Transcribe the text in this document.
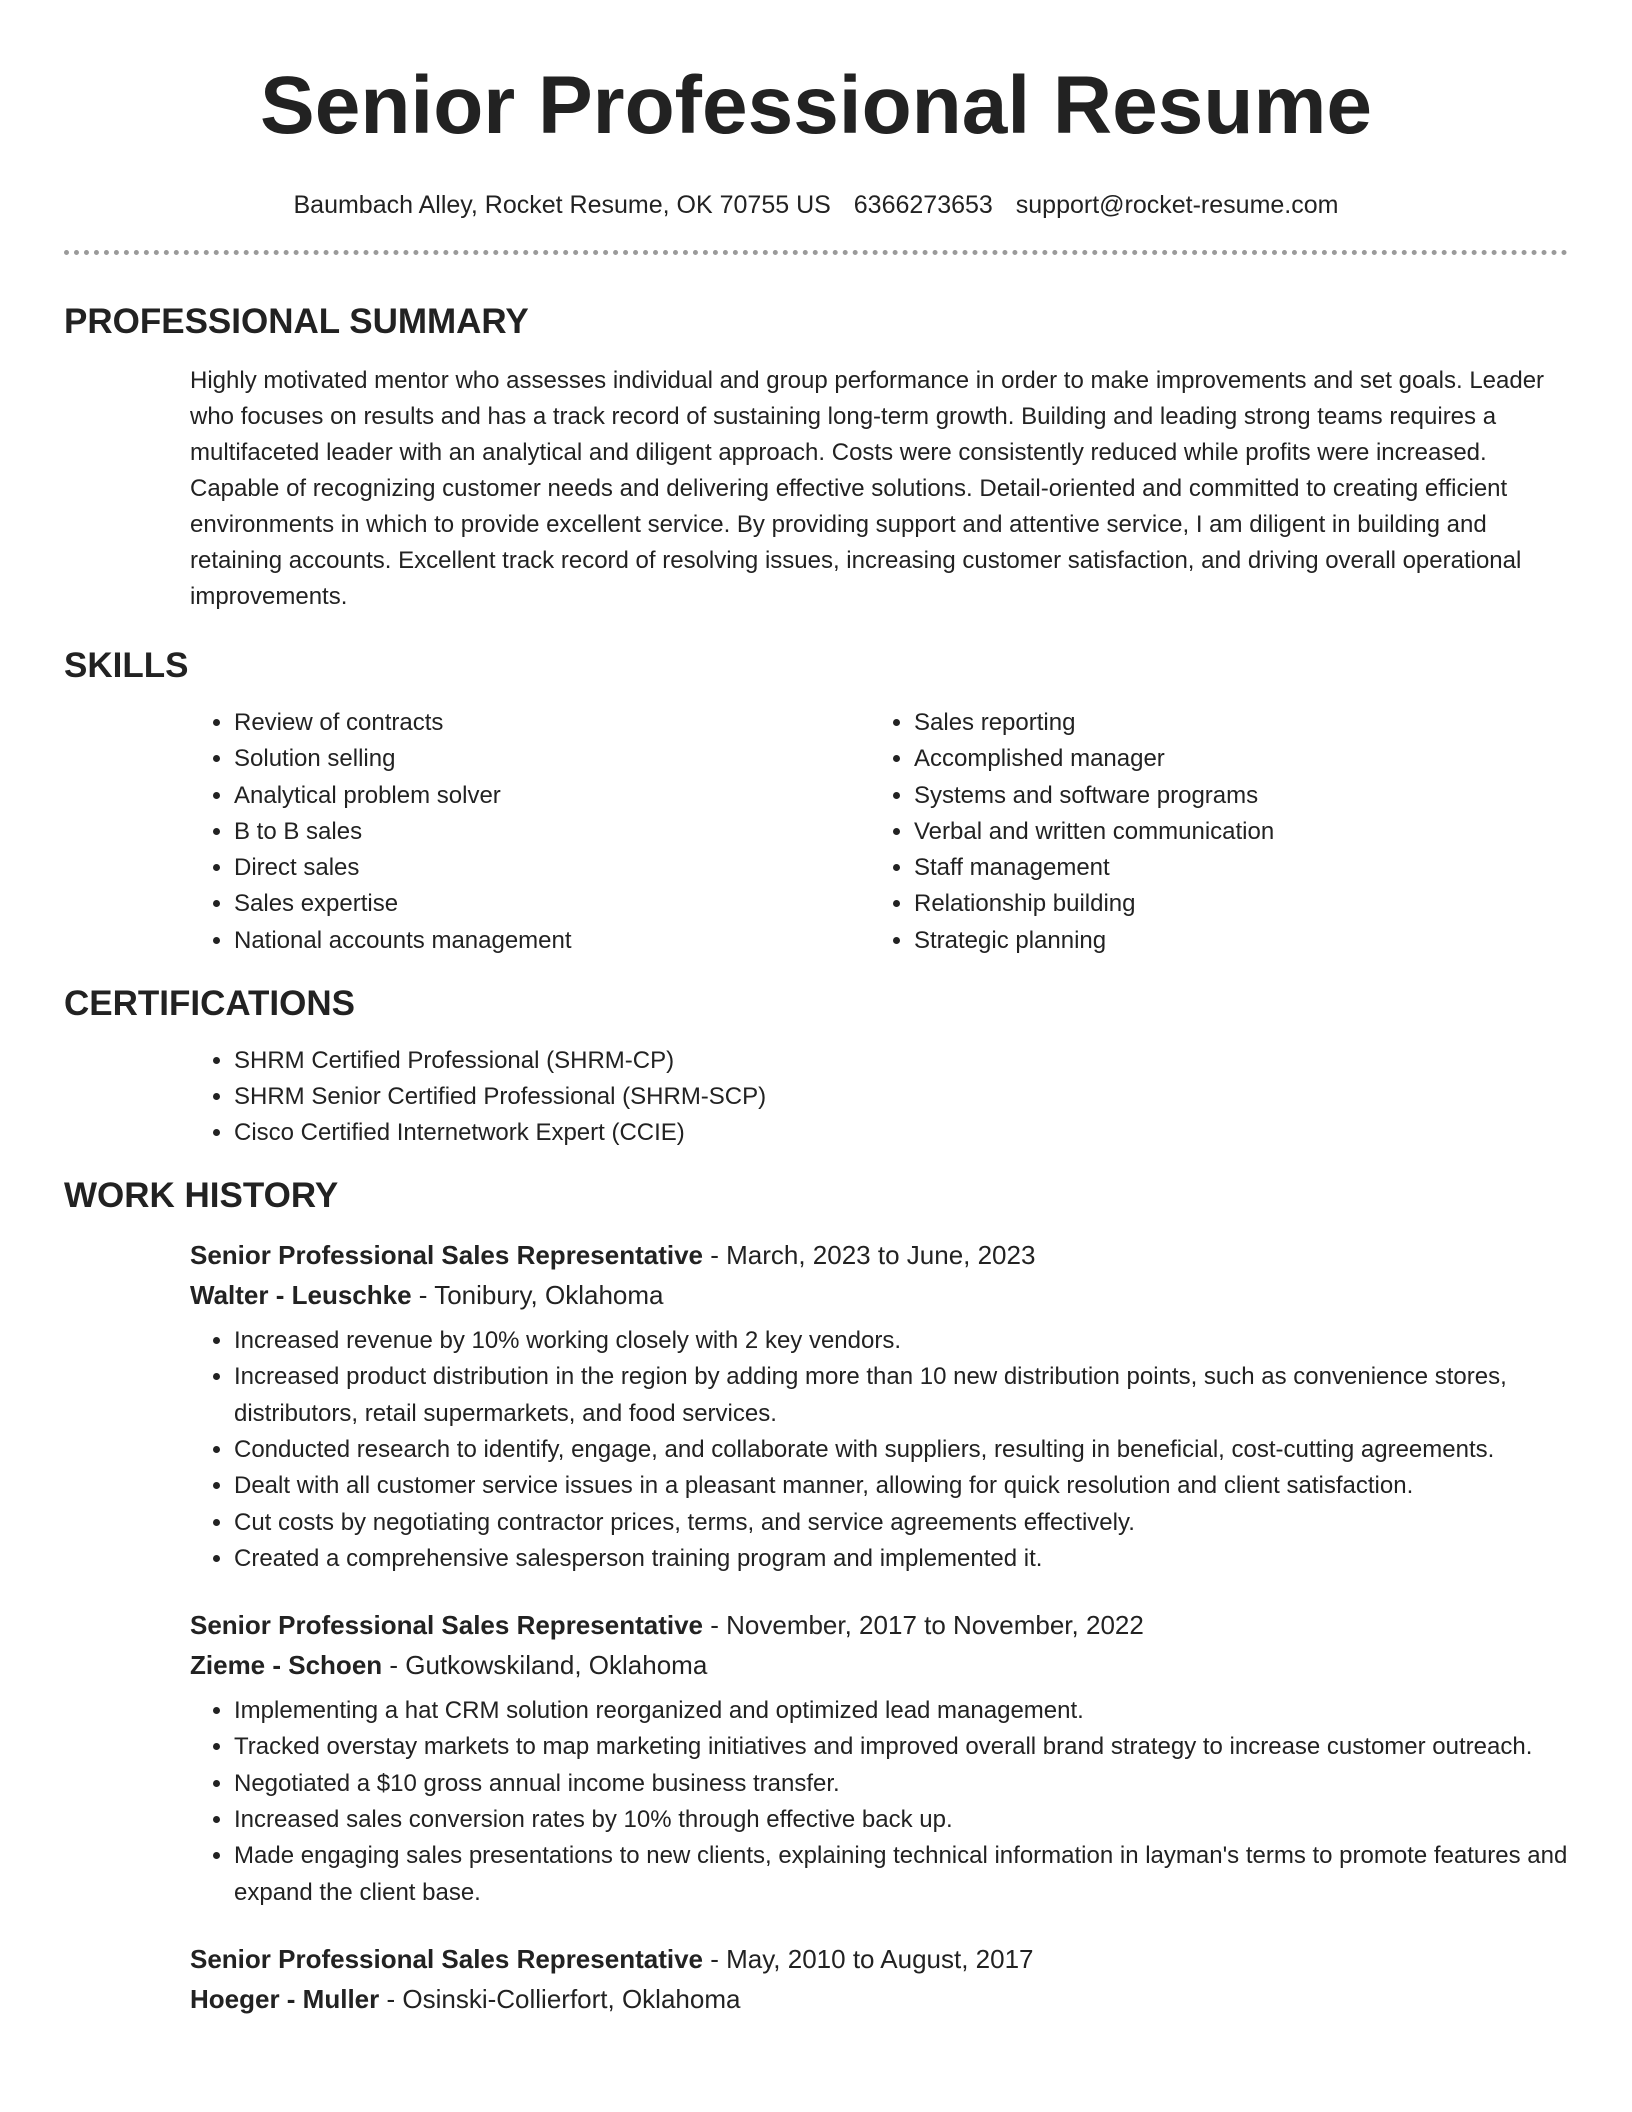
Senior Professional Resume
Baumbach Alley, Rocket Resume, OK 70755 US 6366273653 support@rocket-resume.com
PROFESSIONAL SUMMARY
Highly motivated mentor who assesses individual and group performance in order to make improvements and set goals. Leader who focuses on results and has a track record of sustaining long-term growth. Building and leading strong teams requires a multifaceted leader with an analytical and diligent approach. Costs were consistently reduced while profits were increased. Capable of recognizing customer needs and delivering effective solutions. Detail-oriented and committed to creating efficient environments in which to provide excellent service. By providing support and attentive service, I am diligent in building and retaining accounts. Excellent track record of resolving issues, increasing customer satisfaction, and driving overall operational improvements.
SKILLS
• Review of contracts
• Solution selling
• Analytical problem solver
• B to B sales
• Direct sales
• Sales expertise
• National accounts management
• Sales reporting
• Accomplished manager
• Systems and software programs
• Verbal and written communication
• Staff management
• Relationship building
• Strategic planning
CERTIFICATIONS
• SHRM Certified Professional (SHRM-CP)
• SHRM Senior Certified Professional (SHRM-SCP)
• Cisco Certified Internetwork Expert (CCIE)
WORK HISTORY
Senior Professional Sales Representative - March, 2023 to June, 2023
Walter - Leuschke - Tonibury, Oklahoma
• Increased revenue by 10% working closely with 2 key vendors.
• Increased product distribution in the region by adding more than 10 new distribution points, such as convenience stores, distributors, retail supermarkets, and food services.
• Conducted research to identify, engage, and collaborate with suppliers, resulting in beneficial, cost-cutting agreements.
• Dealt with all customer service issues in a pleasant manner, allowing for quick resolution and client satisfaction.
• Cut costs by negotiating contractor prices, terms, and service agreements effectively.
• Created a comprehensive salesperson training program and implemented it.
Senior Professional Sales Representative - November, 2017 to November, 2022
Zieme - Schoen - Gutkowskiland, Oklahoma
• Implementing a hat CRM solution reorganized and optimized lead management.
• Tracked overstay markets to map marketing initiatives and improved overall brand strategy to increase customer outreach.
• Negotiated a $10 gross annual income business transfer.
• Increased sales conversion rates by 10% through effective back up.
• Made engaging sales presentations to new clients, explaining technical information in layman's terms to promote features and expand the client base.
Senior Professional Sales Representative - May, 2010 to August, 2017
Hoeger - Muller - Osinski-Collierfort, Oklahoma
